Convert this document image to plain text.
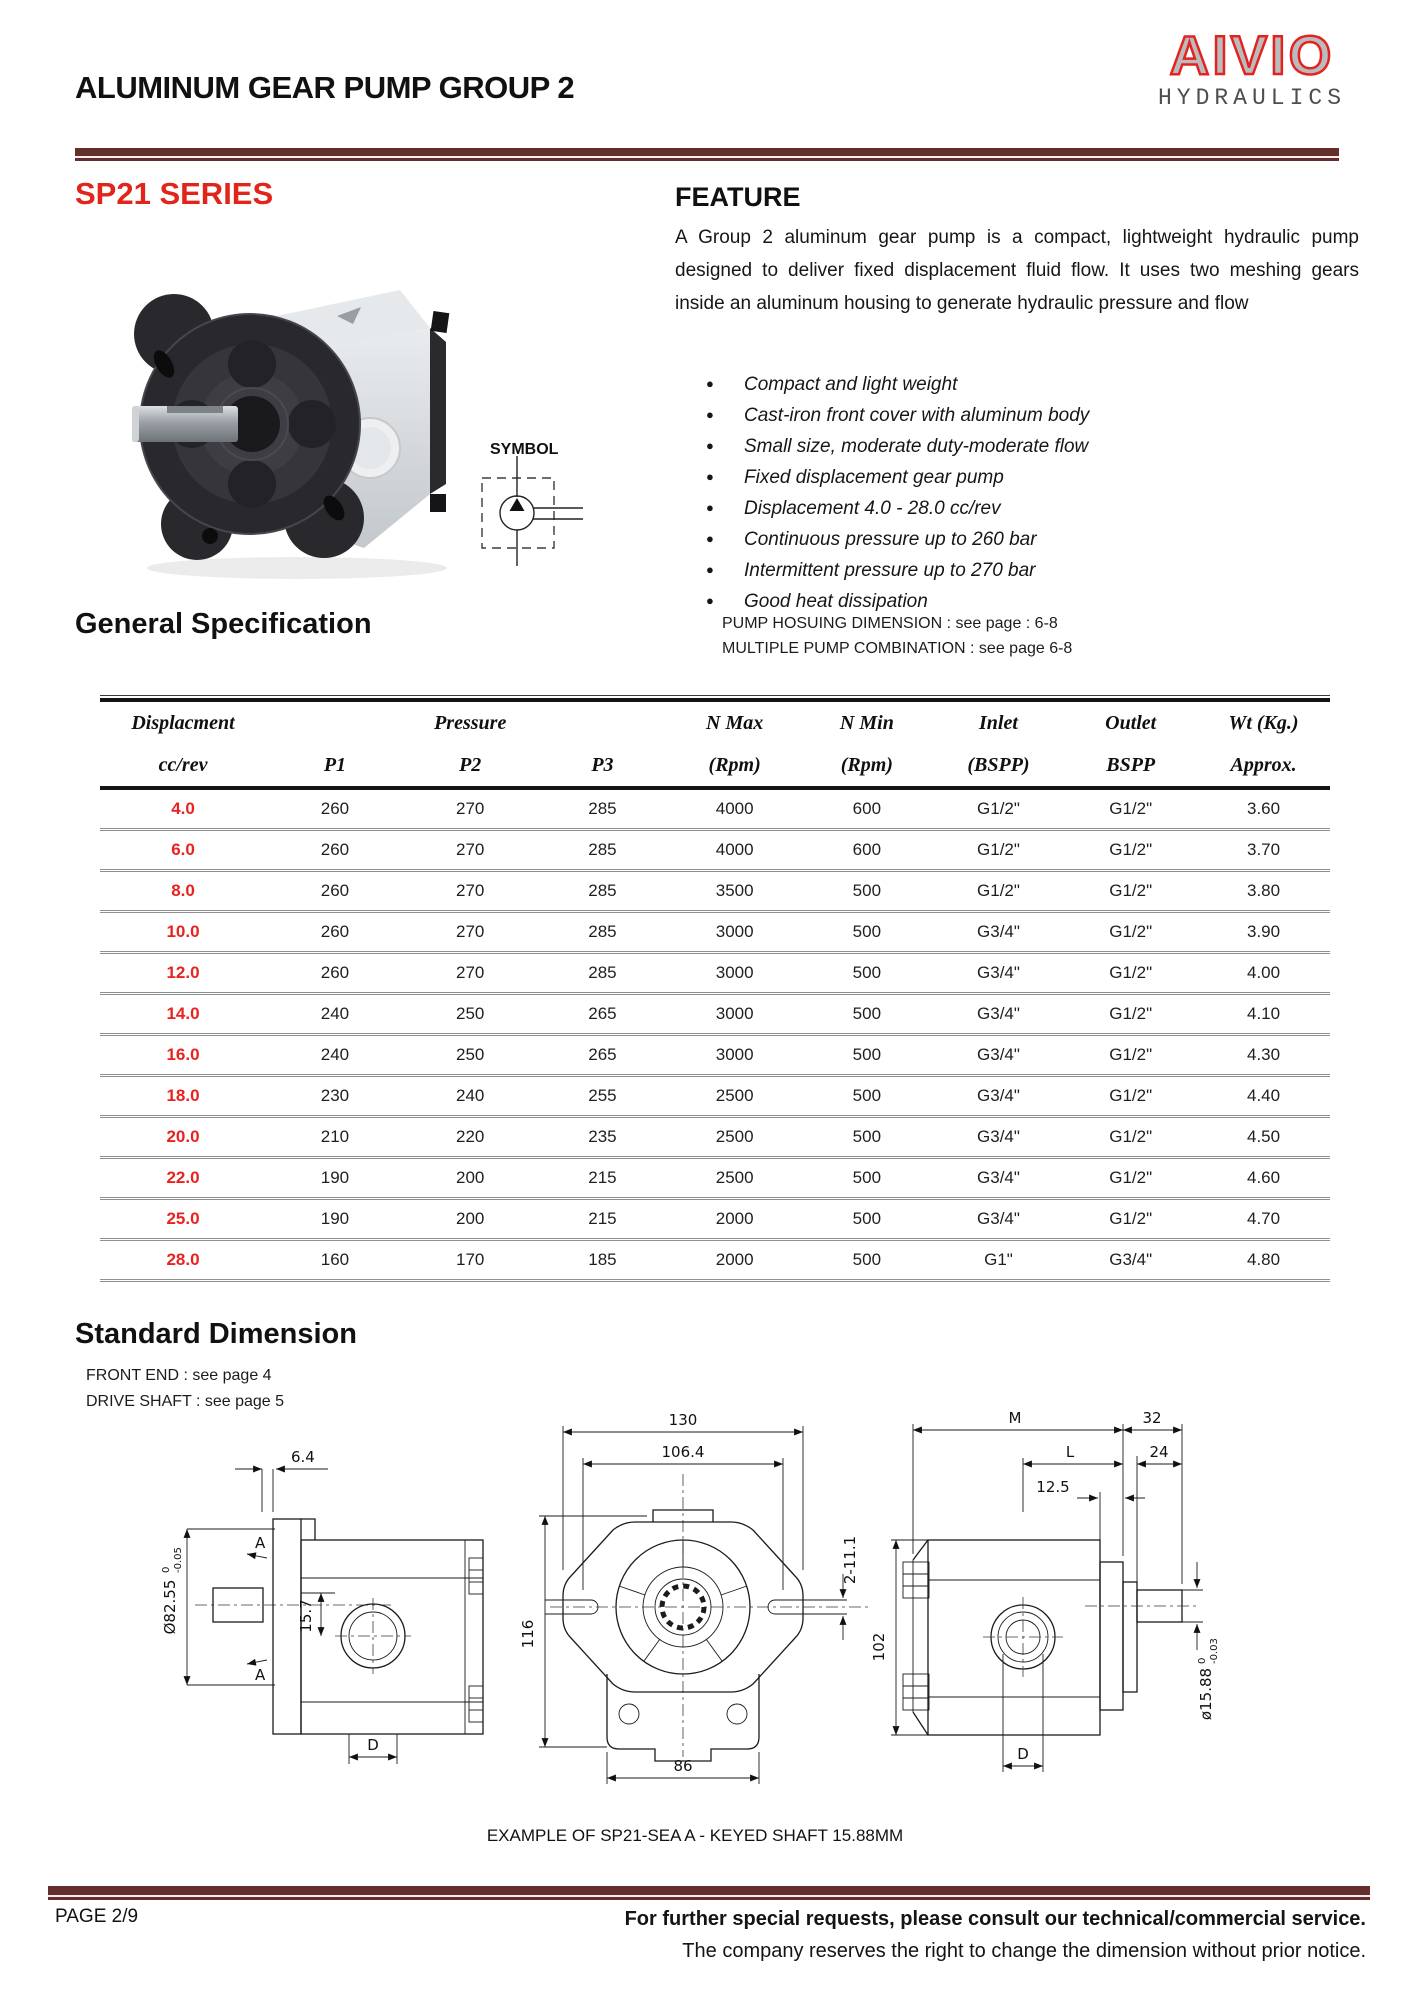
ALUMINUM GEAR PUMP GROUP 2
AIVIO
HYDRAULICS
SP21 SERIES
SYMBOL
FEATURE
A Group 2 aluminum gear pump is a compact, lightweight hydraulic pump designed to deliver fixed displacement fluid flow. It uses two meshing gears inside an aluminum housing to generate hydraulic pressure and flow
●
Compact and light weight
●
Cast-iron front cover with aluminum body
●
Small size, moderate duty-moderate flow
●
Fixed displacement gear pump
●
Displacement 4.0 - 28.0 cc/rev
●
Continuous pressure up to 260 bar
●
Intermittent pressure up to 270 bar
●
Good heat dissipation
PUMP HOSUING DIMENSION : see page : 6-8
MULTIPLE PUMP COMBINATION : see page 6-8
General Specification
Displacment		Pressure		N Max	N Min	Inlet	Outlet	Wt (Kg.)
cc/rev	P1	P2	P3	(Rpm)	(Rpm)	(BSPP)	BSPP	Approx.
4.0	260	270	285	4000	600	G1/2"	G1/2"	3.60
6.0	260	270	285	4000	600	G1/2"	G1/2"	3.70
8.0	260	270	285	3500	500	G1/2"	G1/2"	3.80
10.0	260	270	285	3000	500	G3/4"	G1/2"	3.90
12.0	260	270	285	3000	500	G3/4"	G1/2"	4.00
14.0	240	250	265	3000	500	G3/4"	G1/2"	4.10
16.0	240	250	265	3000	500	G3/4"	G1/2"	4.30
18.0	230	240	255	2500	500	G3/4"	G1/2"	4.40
20.0	210	220	235	2500	500	G3/4"	G1/2"	4.50
22.0	190	200	215	2500	500	G3/4"	G1/2"	4.60
25.0	190	200	215	2000	500	G3/4"	G1/2"	4.70
28.0	160	170	185	2000	500	G1"	G3/4"	4.80
Standard Dimension
FRONT END : see page 4
DRIVE SHAFT : see page 5
6.4
Ø82.55
0 -0.05
A
A
15.7
D
130
106.4
116
2-11.1
86
M	32
L	24
12.5
102
ø15.88
0 -0.03
D
EXAMPLE OF SP21-SEA A - KEYED SHAFT 15.88MM
PAGE 2/9	For further special requests, please consult our technical/commercial service.
The company reserves the right to change the dimension without prior notice.
